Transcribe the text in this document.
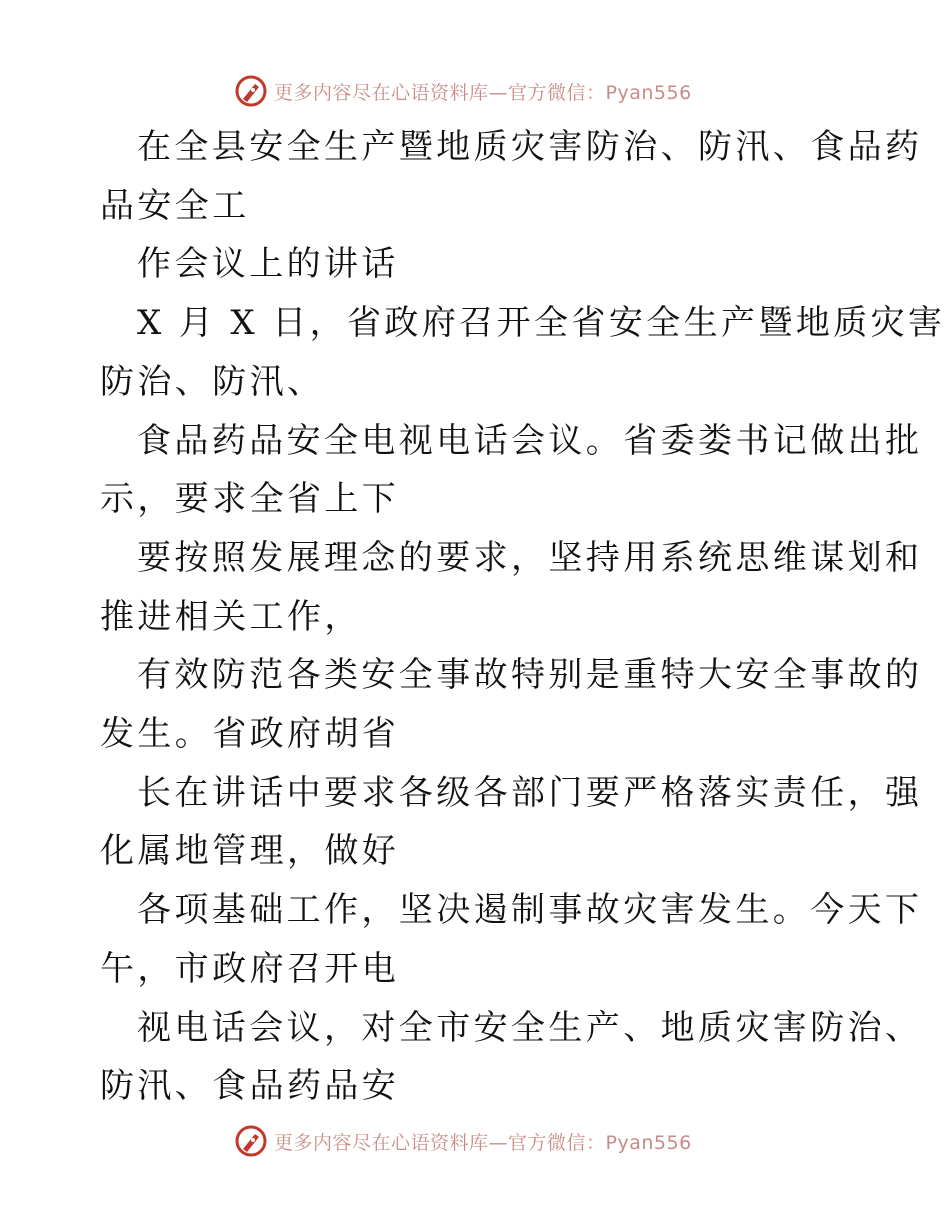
更多内容尽在心语资料库—官方微信：Pyan556
在全县安全生产暨地质灾害防治、防汛、食品药
品安全工
作会议上的讲话
X 月 X 日，省政府召开全省安全生产暨地质灾害
防治、防汛、
食品药品安全电视电话会议。省委娄书记做出批
示，要求全省上下
要按照发展理念的要求，坚持用系统思维谋划和
推进相关工作，
有效防范各类安全事故特别是重特大安全事故的
发生。省政府胡省
长在讲话中要求各级各部门要严格落实责任，强
化属地管理，做好
各项基础工作，坚决遏制事故灾害发生。今天下
午，市政府召开电
视电话会议，对全市安全生产、地质灾害防治、
防汛、食品药品安
更多内容尽在心语资料库—官方微信：Pyan556
